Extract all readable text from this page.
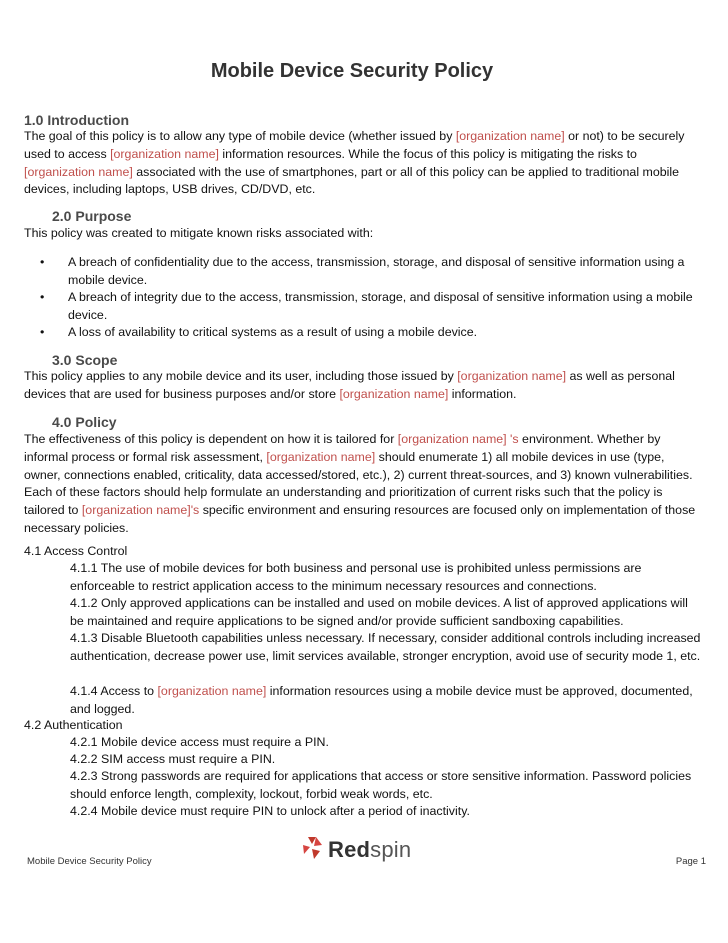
Mobile Device Security Policy
1.0 Introduction
The goal of this policy is to allow any type of mobile device (whether issued by [organization name] or not) to be securely used to access [organization name] information resources. While the focus of this policy is mitigating the risks to [organization name] associated with the use of smartphones, part or all of this policy can be applied to traditional mobile devices, including laptops, USB drives, CD/DVD, etc.
2.0 Purpose
This policy was created to mitigate known risks associated with:
• A breach of confidentiality due to the access, transmission, storage, and disposal of sensitive information using a mobile device.
• A breach of integrity due to the access, transmission, storage, and disposal of sensitive information using a mobile device.
• A loss of availability to critical systems as a result of using a mobile device.
3.0 Scope
This policy applies to any mobile device and its user, including those issued by [organization name] as well as personal devices that are used for business purposes and/or store [organization name] information.
4.0 Policy
The effectiveness of this policy is dependent on how it is tailored for [organization name] 's environment. Whether by informal process or formal risk assessment, [organization name] should enumerate 1) all mobile devices in use (type, owner, connections enabled, criticality, data accessed/stored, etc.), 2) current threat-sources, and 3) known vulnerabilities. Each of these factors should help formulate an understanding and prioritization of current risks such that the policy is tailored to [organization name]'s specific environment and ensuring resources are focused only on implementation of those necessary policies.
4.1 Access Control
4.1.1 The use of mobile devices for both business and personal use is prohibited unless permissions are enforceable to restrict application access to the minimum necessary resources and connections.
4.1.2 Only approved applications can be installed and used on mobile devices. A list of approved applications will be maintained and require applications to be signed and/or provide sufficient sandboxing capabilities.
4.1.3 Disable Bluetooth capabilities unless necessary. If necessary, consider additional controls including increased authentication, decrease power use, limit services available, stronger encryption, avoid use of security mode 1, etc.
4.1.4 Access to [organization name] information resources using a mobile device must be approved, documented, and logged.
4.2 Authentication
4.2.1 Mobile device access must require a PIN.
4.2.2 SIM access must require a PIN.
4.2.3 Strong passwords are required for applications that access or store sensitive information. Password policies should enforce length, complexity, lockout, forbid weak words, etc.
4.2.4 Mobile device must require PIN to unlock after a period of inactivity.
Mobile Device Security Policy	Redspin	Page 1
